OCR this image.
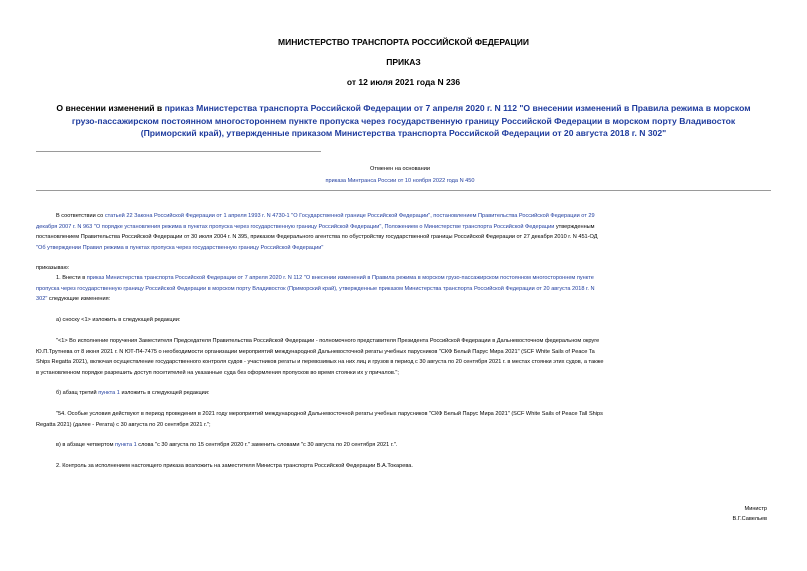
МИНИСТЕРСТВО ТРАНСПОРТА РОССИЙСКОЙ ФЕДЕРАЦИИ
ПРИКАЗ
от 12 июля 2021 года N 236
О внесении изменений в приказ Министерства транспорта Российской Федерации от 7 апреля 2020 г. N 112 "О внесении изменений в Правила режима в морском
грузо-пассажирском постоянном многостороннем пункте пропуска через государственную границу Российской Федерации в морском порту Владивосток
(Приморский край), утвержденные приказом Министерства транспорта Российской Федерации от 20 августа 2018 г. N 302"
Отменен на основании
приказа Минтранса России от 10 ноября 2022 года N 450
В соответствии со статьей 22 Закона Российской Федерации от 1 апреля 1993 г. N 4730-1 "О Государственной границе Российской Федерации", постановлением Правительства Российской Федерации от 29
декабря 2007 г. N 963 "О порядке установления режима в пунктах пропуска через государственную границу Российской Федерации", Положением о Министерстве транспорта Российской Федерации утвержденным
постановлением Правительства Российской Федерации от 30 июля 2004 г. N 395, приказом Федерального агентства по обустройству государственной границы Российской Федерации от 27 декабря 2010 г. N 451-ОД
"Об утверждении Правил режима в пунктах пропуска через государственную границу Российской Федерации"
приказываю:
1. Внести в приказ Министерства транспорта Российской Федерации от 7 апреля 2020 г. N 112 "О внесении изменений в Правила режима в морском грузо-пассажирском постоянном многостороннем пункте
пропуска через государственную границу Российской Федерации в морском порту Владивосток (Приморский край), утвержденные приказом Министерства транспорта Российской Федерации от 20 августа 2018 г. N
302" следующие изменения:
а) сноску <1> изложить в следующей редакции:
"<1> Во исполнение поручения Заместителя Председателя Правительства Российской Федерации - полномочного представителя Президента Российской Федерации в Дальневосточном федеральном округе
Ю.П.Трутнева от 8 июня 2021 г. N ЮТ-П4-7475 о необходимости организации мероприятий международной Дальневосточной регаты учебных парусников "СКФ Белый Парус Мира 2021" (SCF White Sails of Peace Ta
Ships Regatta 2021), включая осуществление государственного контроля судов - участников регаты и перевозимых на них лиц и грузов в период с 30 августа по 20 сентября 2021 г. в местах стоянки этих судов, а также
в установленном порядке разрешить доступ посетителей на указанные суда без оформления пропусков во время стоянки их у причалов.";
б) абзац третий пункта 1 изложить в следующей редакции:
"54. Особые условия действуют в период проведения в 2021 году мероприятий международной Дальневосточной регаты учебных парусников "СКФ Белый Парус Мира 2021" (SCF White Sails of Peace Tall Ships
Regatta 2021) (далее - Регата) с 30 августа по 20 сентября 2021 г.";
в) в абзаце четвертом пункта 1 слова "с 30 августа по 15 сентября 2020 г." заменить словами "с 30 августа по 20 сентября 2021 г.".
2. Контроль за исполнением настоящего приказа возложить на заместителя Министра транспорта Российской Федерации В.А.Токарева.
Министр
В.Г.Савельев
